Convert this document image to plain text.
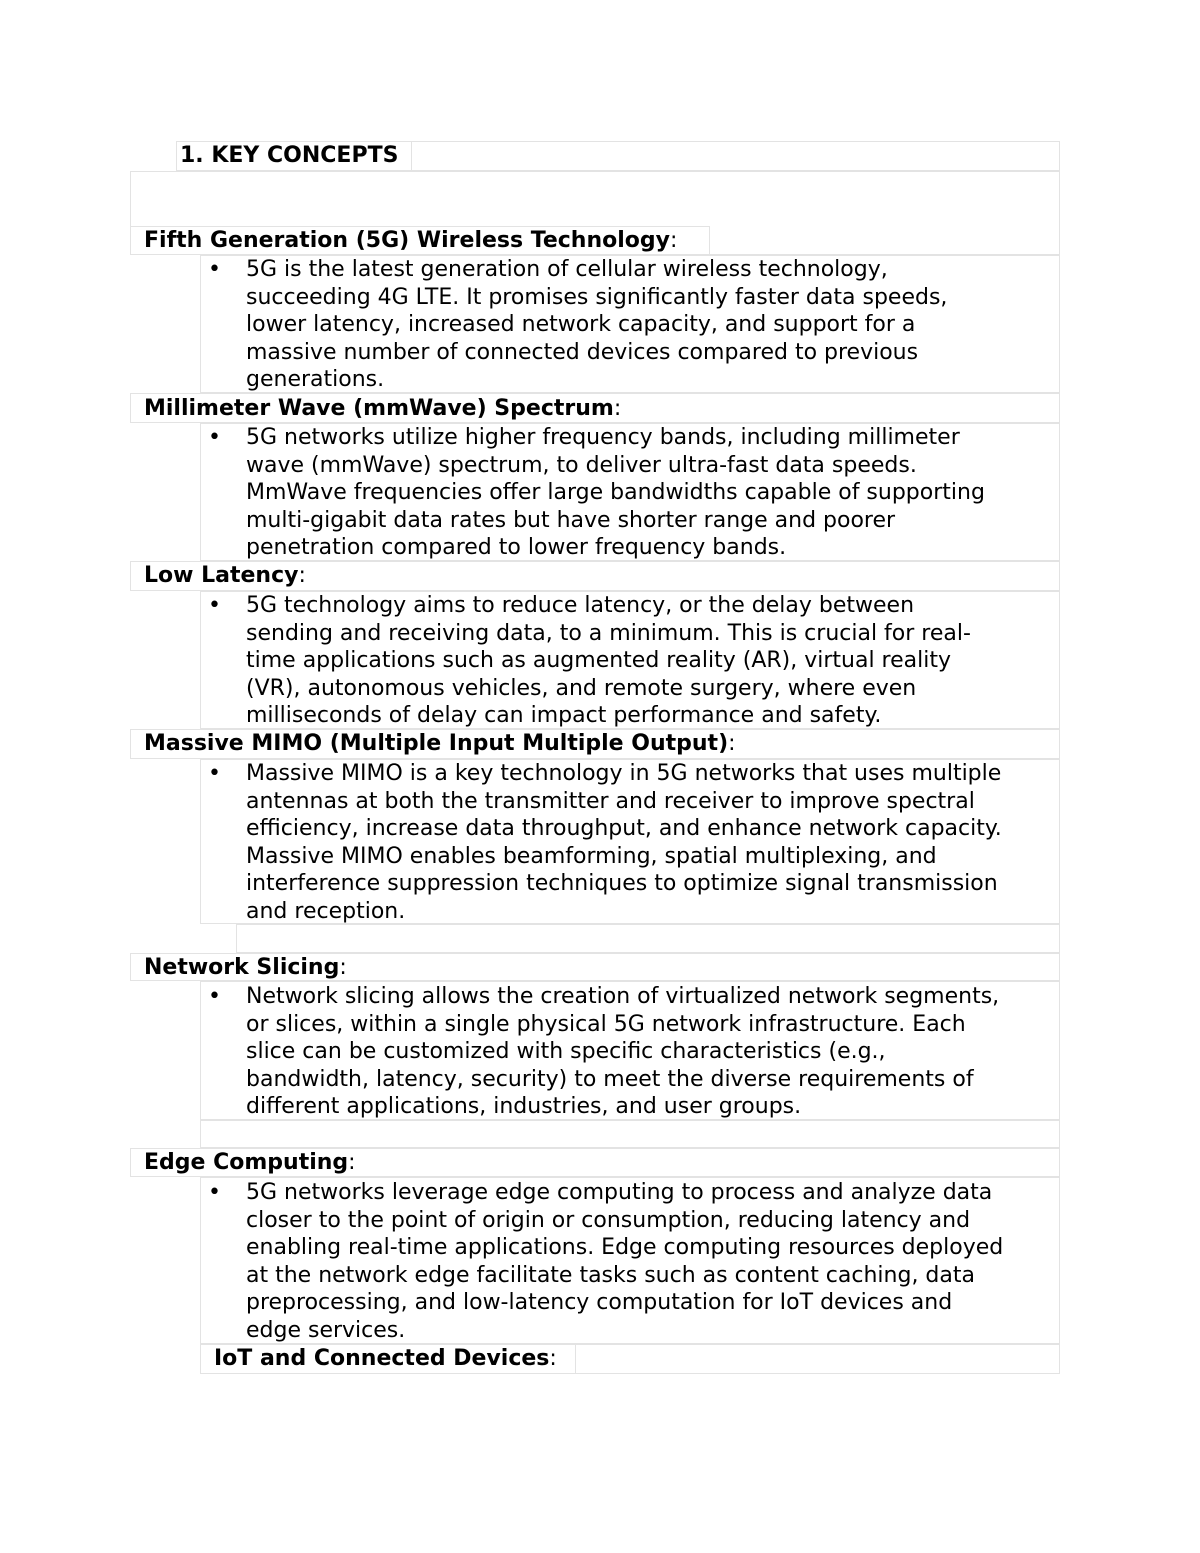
1. KEY CONCEPTS
Fifth Generation (5G) Wireless Technology:
• 5G is the latest generation of cellular wireless technology,
succeeding 4G LTE. It promises significantly faster data speeds,
lower latency, increased network capacity, and support for a
massive number of connected devices compared to previous
generations.
Millimeter Wave (mmWave) Spectrum:
• 5G networks utilize higher frequency bands, including millimeter
wave (mmWave) spectrum, to deliver ultra-fast data speeds.
MmWave frequencies offer large bandwidths capable of supporting
multi-gigabit data rates but have shorter range and poorer
penetration compared to lower frequency bands.
Low Latency:
• 5G technology aims to reduce latency, or the delay between
sending and receiving data, to a minimum. This is crucial for real-
time applications such as augmented reality (AR), virtual reality
(VR), autonomous vehicles, and remote surgery, where even
milliseconds of delay can impact performance and safety.
Massive MIMO (Multiple Input Multiple Output):
• Massive MIMO is a key technology in 5G networks that uses multiple
antennas at both the transmitter and receiver to improve spectral
efficiency, increase data throughput, and enhance network capacity.
Massive MIMO enables beamforming, spatial multiplexing, and
interference suppression techniques to optimize signal transmission
and reception.
Network Slicing:
• Network slicing allows the creation of virtualized network segments,
or slices, within a single physical 5G network infrastructure. Each
slice can be customized with specific characteristics (e.g.,
bandwidth, latency, security) to meet the diverse requirements of
different applications, industries, and user groups.
Edge Computing:
• 5G networks leverage edge computing to process and analyze data
closer to the point of origin or consumption, reducing latency and
enabling real-time applications. Edge computing resources deployed
at the network edge facilitate tasks such as content caching, data
preprocessing, and low-latency computation for IoT devices and
edge services.
IoT and Connected Devices:
